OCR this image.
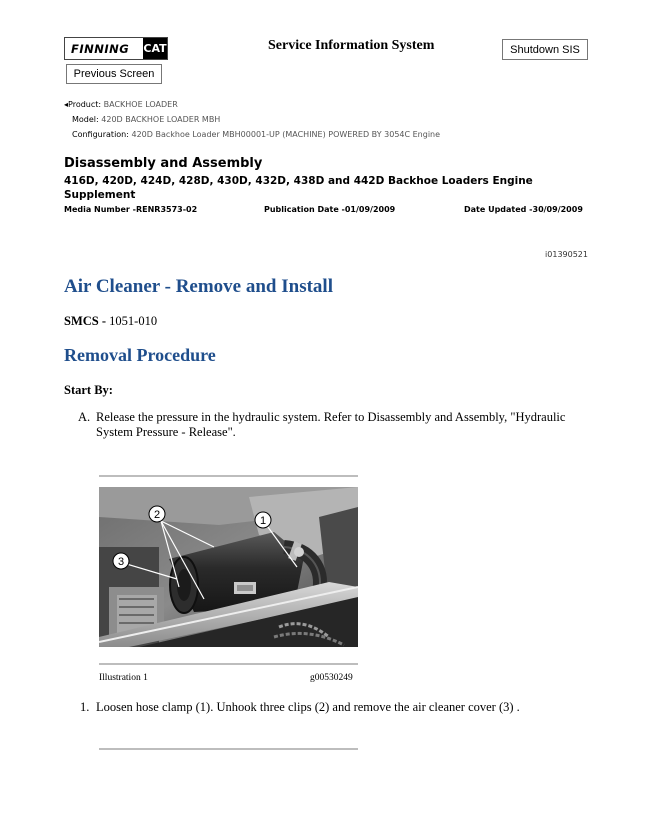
FINNING	CAT	Service Information System	Shutdown SIS
Previous Screen
◂Product: BACKHOE LOADER
Model: 420D BACKHOE LOADER MBH
Configuration: 420D Backhoe Loader MBH00001-UP (MACHINE) POWERED BY 3054C Engine
Disassembly and Assembly
416D, 420D, 424D, 428D, 430D, 432D, 438D and 442D Backhoe Loaders Engine Supplement
Media Number -RENR3573-02	Publication Date -01/09/2009	Date Updated -30/09/2009
i01390521
Air Cleaner - Remove and Install
SMCS - 1051-010
Removal Procedure
Start By:
A. Release the pressure in the hydraulic system. Refer to Disassembly and Assembly, "Hydraulic System Pressure - Release".
2	1
3
Illustration 1	g00530249
1. Loosen hose clamp (1). Unhook three clips (2) and remove the air cleaner cover (3) .
